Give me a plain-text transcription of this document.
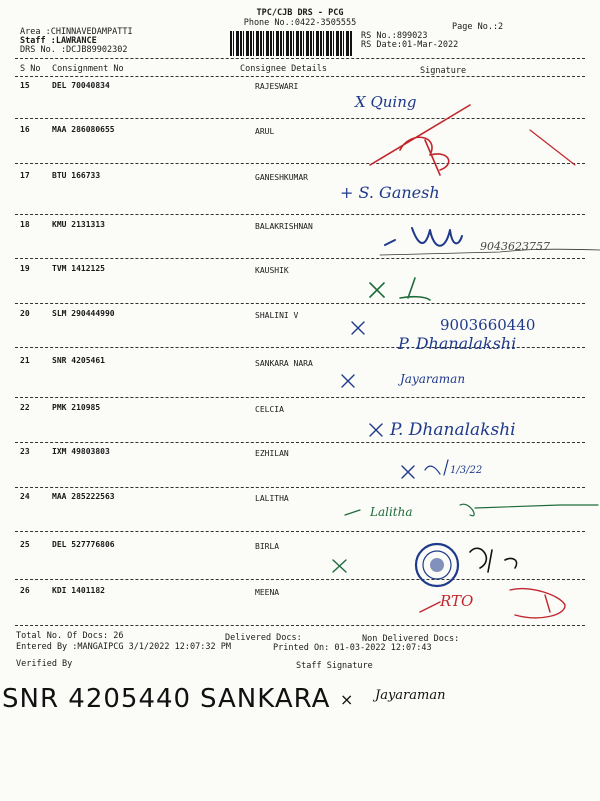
TPC/CJB DRS - PCG
Phone No.:0422-3505555
Area :CHINNAVEDAMPATTI
Staff :LAWRANCE
DRS No. :DCJB89902302
Page No.:2
RS No.:899023
RS Date:01-Mar-2022
S No Consignment No	Consignee Details	Signature
15	DEL 70040834	RAJESWARI
16	MAA 286080655	ARUL
17	BTU 166733	GANESHKUMAR
18	KMU 2131313	BALAKRISHNAN
19	TVM 1412125	KAUSHIK
20	SLM 290444990	SHALINI V
21	SNR 4205461	SANKARA NARA
22	PMK 210985	CELCIA
23	IXM 49803803	EZHILAN
24	MAA 285222563	LALITHA
25	DEL 527776806	BIRLA
26	KDI 1401182	MEENA
Total No. Of Docs: 26	Delivered Docs:	Non Delivered Docs:
Entered By :MANGAIPCG 3/1/2022 12:07:32 PM	Printed On: 01-03-2022 12:07:43
Verified By	Staff Signature
SNR 4205440 SANKARA × Jayaraman
X Quing
+ S. Ganesh
9043623757
9003660440
P. Dhanalakshi
Jayaraman
P. Dhanalakshi
1/3/22
Lalitha
RTO
